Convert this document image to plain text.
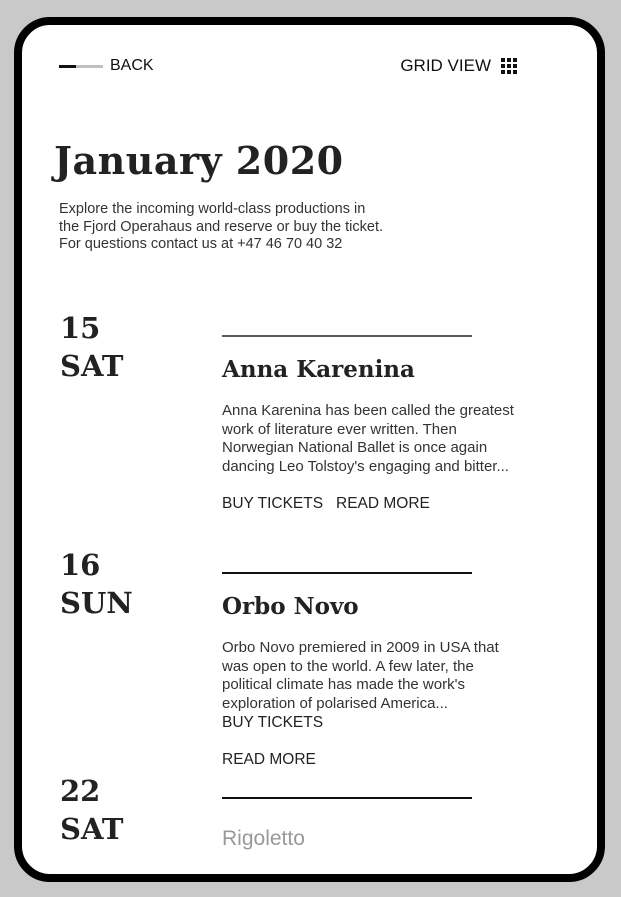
BACK	GRID VIEW
January 2020
Explore the incoming world-class productions in
the Fjord Operahaus and reserve or buy the ticket.
For questions contact us at +47 46 70 40 32
15
SAT	Anna Karenina
Anna Karenina has been called the greatest
work of literature ever written. Then
Norwegian National Ballet is once again
dancing Leo Tolstoy's engaging and bitter...
BUY TICKETS READ MORE
16
SUN	Orbo Novo
Orbo Novo premiered in 2009 in USA that
was open to the world. A few later, the
political climate has made the work's
exploration of polarised America...
BUY TICKETS
READ MORE
22
SAT	Rigoletto
